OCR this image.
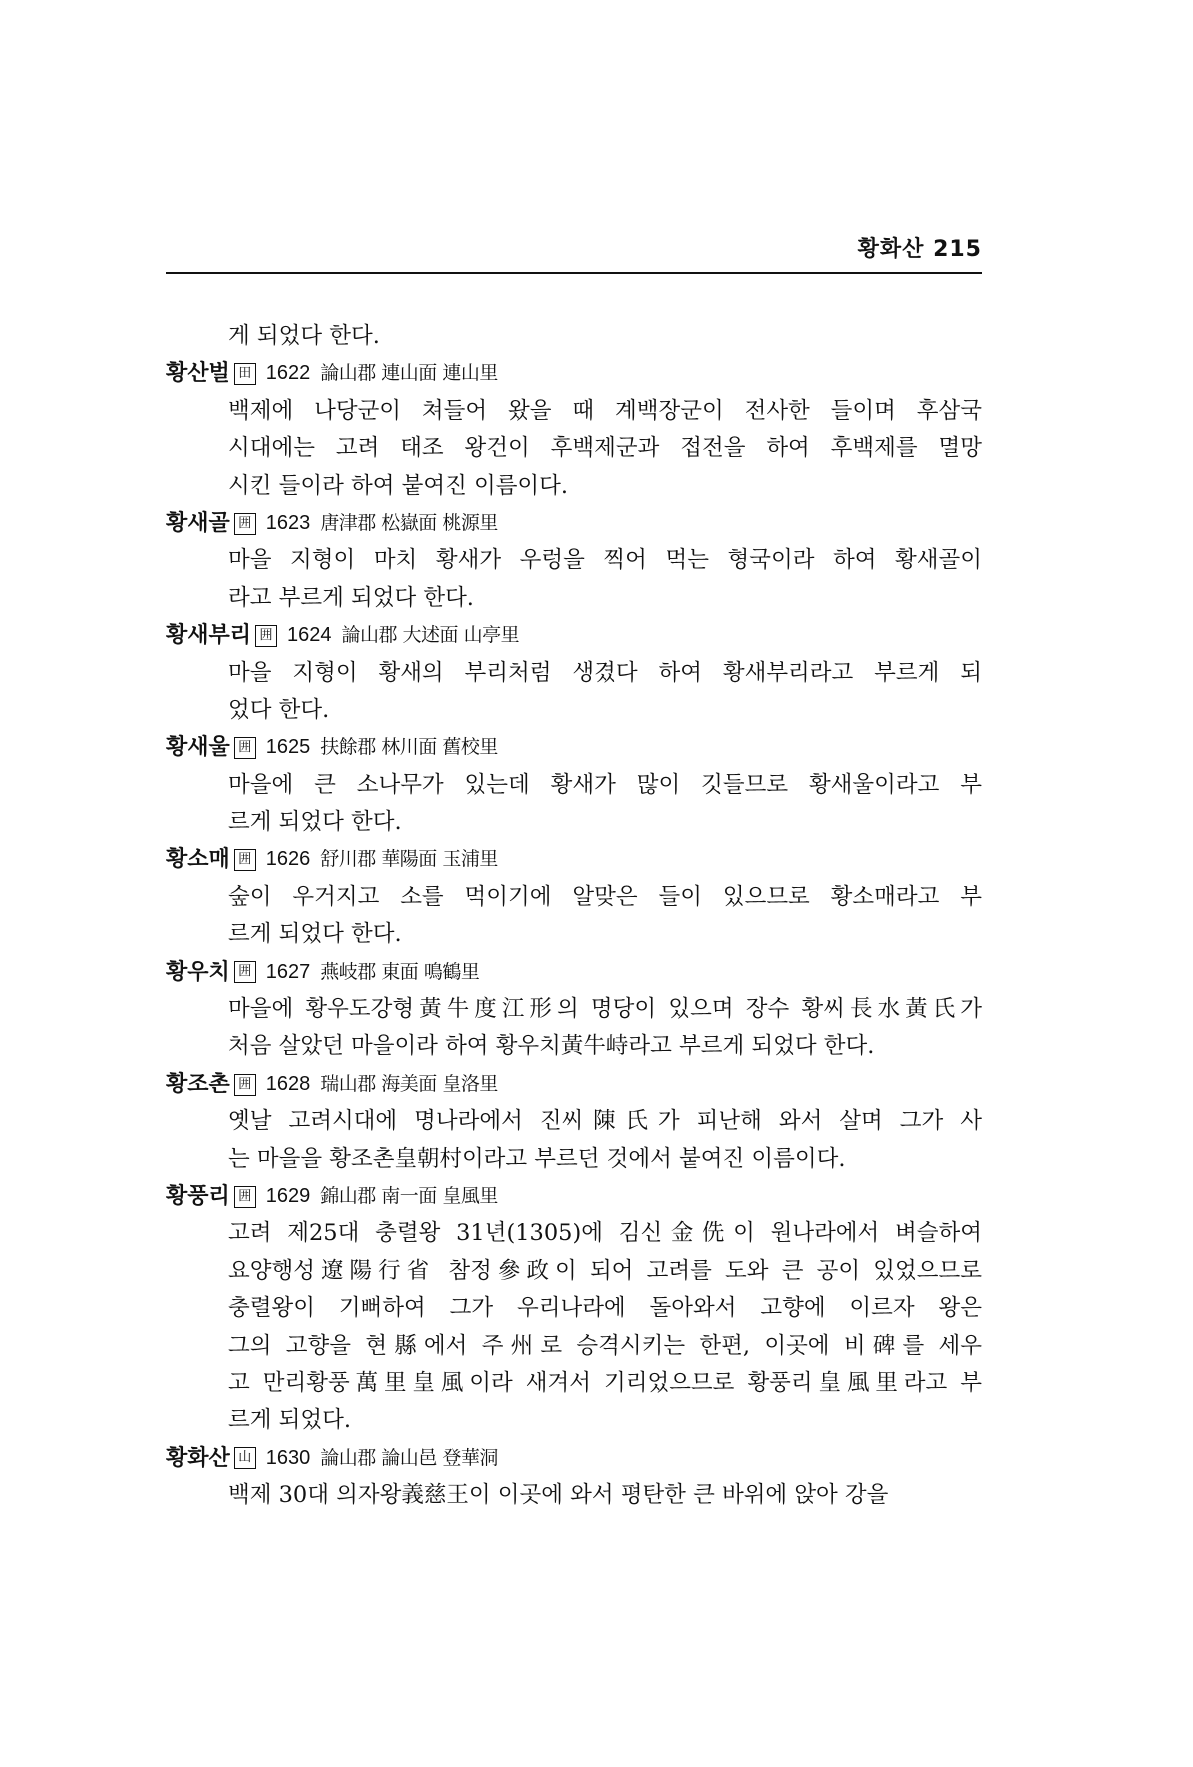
황화산 215
게 되었다 한다.
황산벌 田 1622 論山郡 連山面 連山里
백제에 나당군이 쳐들어 왔을 때 계백장군이 전사한 들이며 후삼국
시대에는 고려 태조 왕건이 후백제군과 접전을 하여 후백제를 멸망
시킨 들이라 하여 붙여진 이름이다.
황새골 囲 1623 唐津郡 松嶽面 桃源里
마을 지형이 마치 황새가 우렁을 찍어 먹는 형국이라 하여 황새골이
라고 부르게 되었다 한다.
황새부리 囲 1624 論山郡 大述面 山亭里
마을 지형이 황새의 부리처럼 생겼다 하여 황새부리라고 부르게 되
었다 한다.
황새울 囲 1625 扶餘郡 林川面 舊校里
마을에 큰 소나무가 있는데 황새가 많이 깃들므로 황새울이라고 부
르게 되었다 한다.
황소매 囲 1626 舒川郡 華陽面 玉浦里
숲이 우거지고 소를 먹이기에 알맞은 들이 있으므로 황소매라고 부
르게 되었다 한다.
황우치 囲 1627 燕岐郡 東面 鳴鶴里
마을에 황우도강형黃牛度江形의 명당이 있으며 장수 황씨長水黃氏가
처음 살았던 마을이라 하여 황우치黃牛峙라고 부르게 되었다 한다.
황조촌 囲 1628 瑞山郡 海美面 皇洛里
옛날 고려시대에 명나라에서 진씨陳氏가 피난해 와서 살며 그가 사
는 마을을 황조촌皇朝村이라고 부르던 것에서 붙여진 이름이다.
황풍리 囲 1629 錦山郡 南一面 皇風里
고려 제25대 충렬왕 31년(1305)에 김신金侁이 원나라에서 벼슬하여
요양행성遼陽行省 참정參政이 되어 고려를 도와 큰 공이 있었으므로
충렬왕이 기뻐하여 그가 우리나라에 돌아와서 고향에 이르자 왕은
그의 고향을 현縣에서 주州로 승격시키는 한편, 이곳에 비碑를 세우
고 만리황풍萬里皇風이라 새겨서 기리었으므로 황풍리皇風里라고 부
르게 되었다.
황화산 山 1630 論山郡 論山邑 登華洞
백제 30대 의자왕義慈王이 이곳에 와서 평탄한 큰 바위에 앉아 강을
